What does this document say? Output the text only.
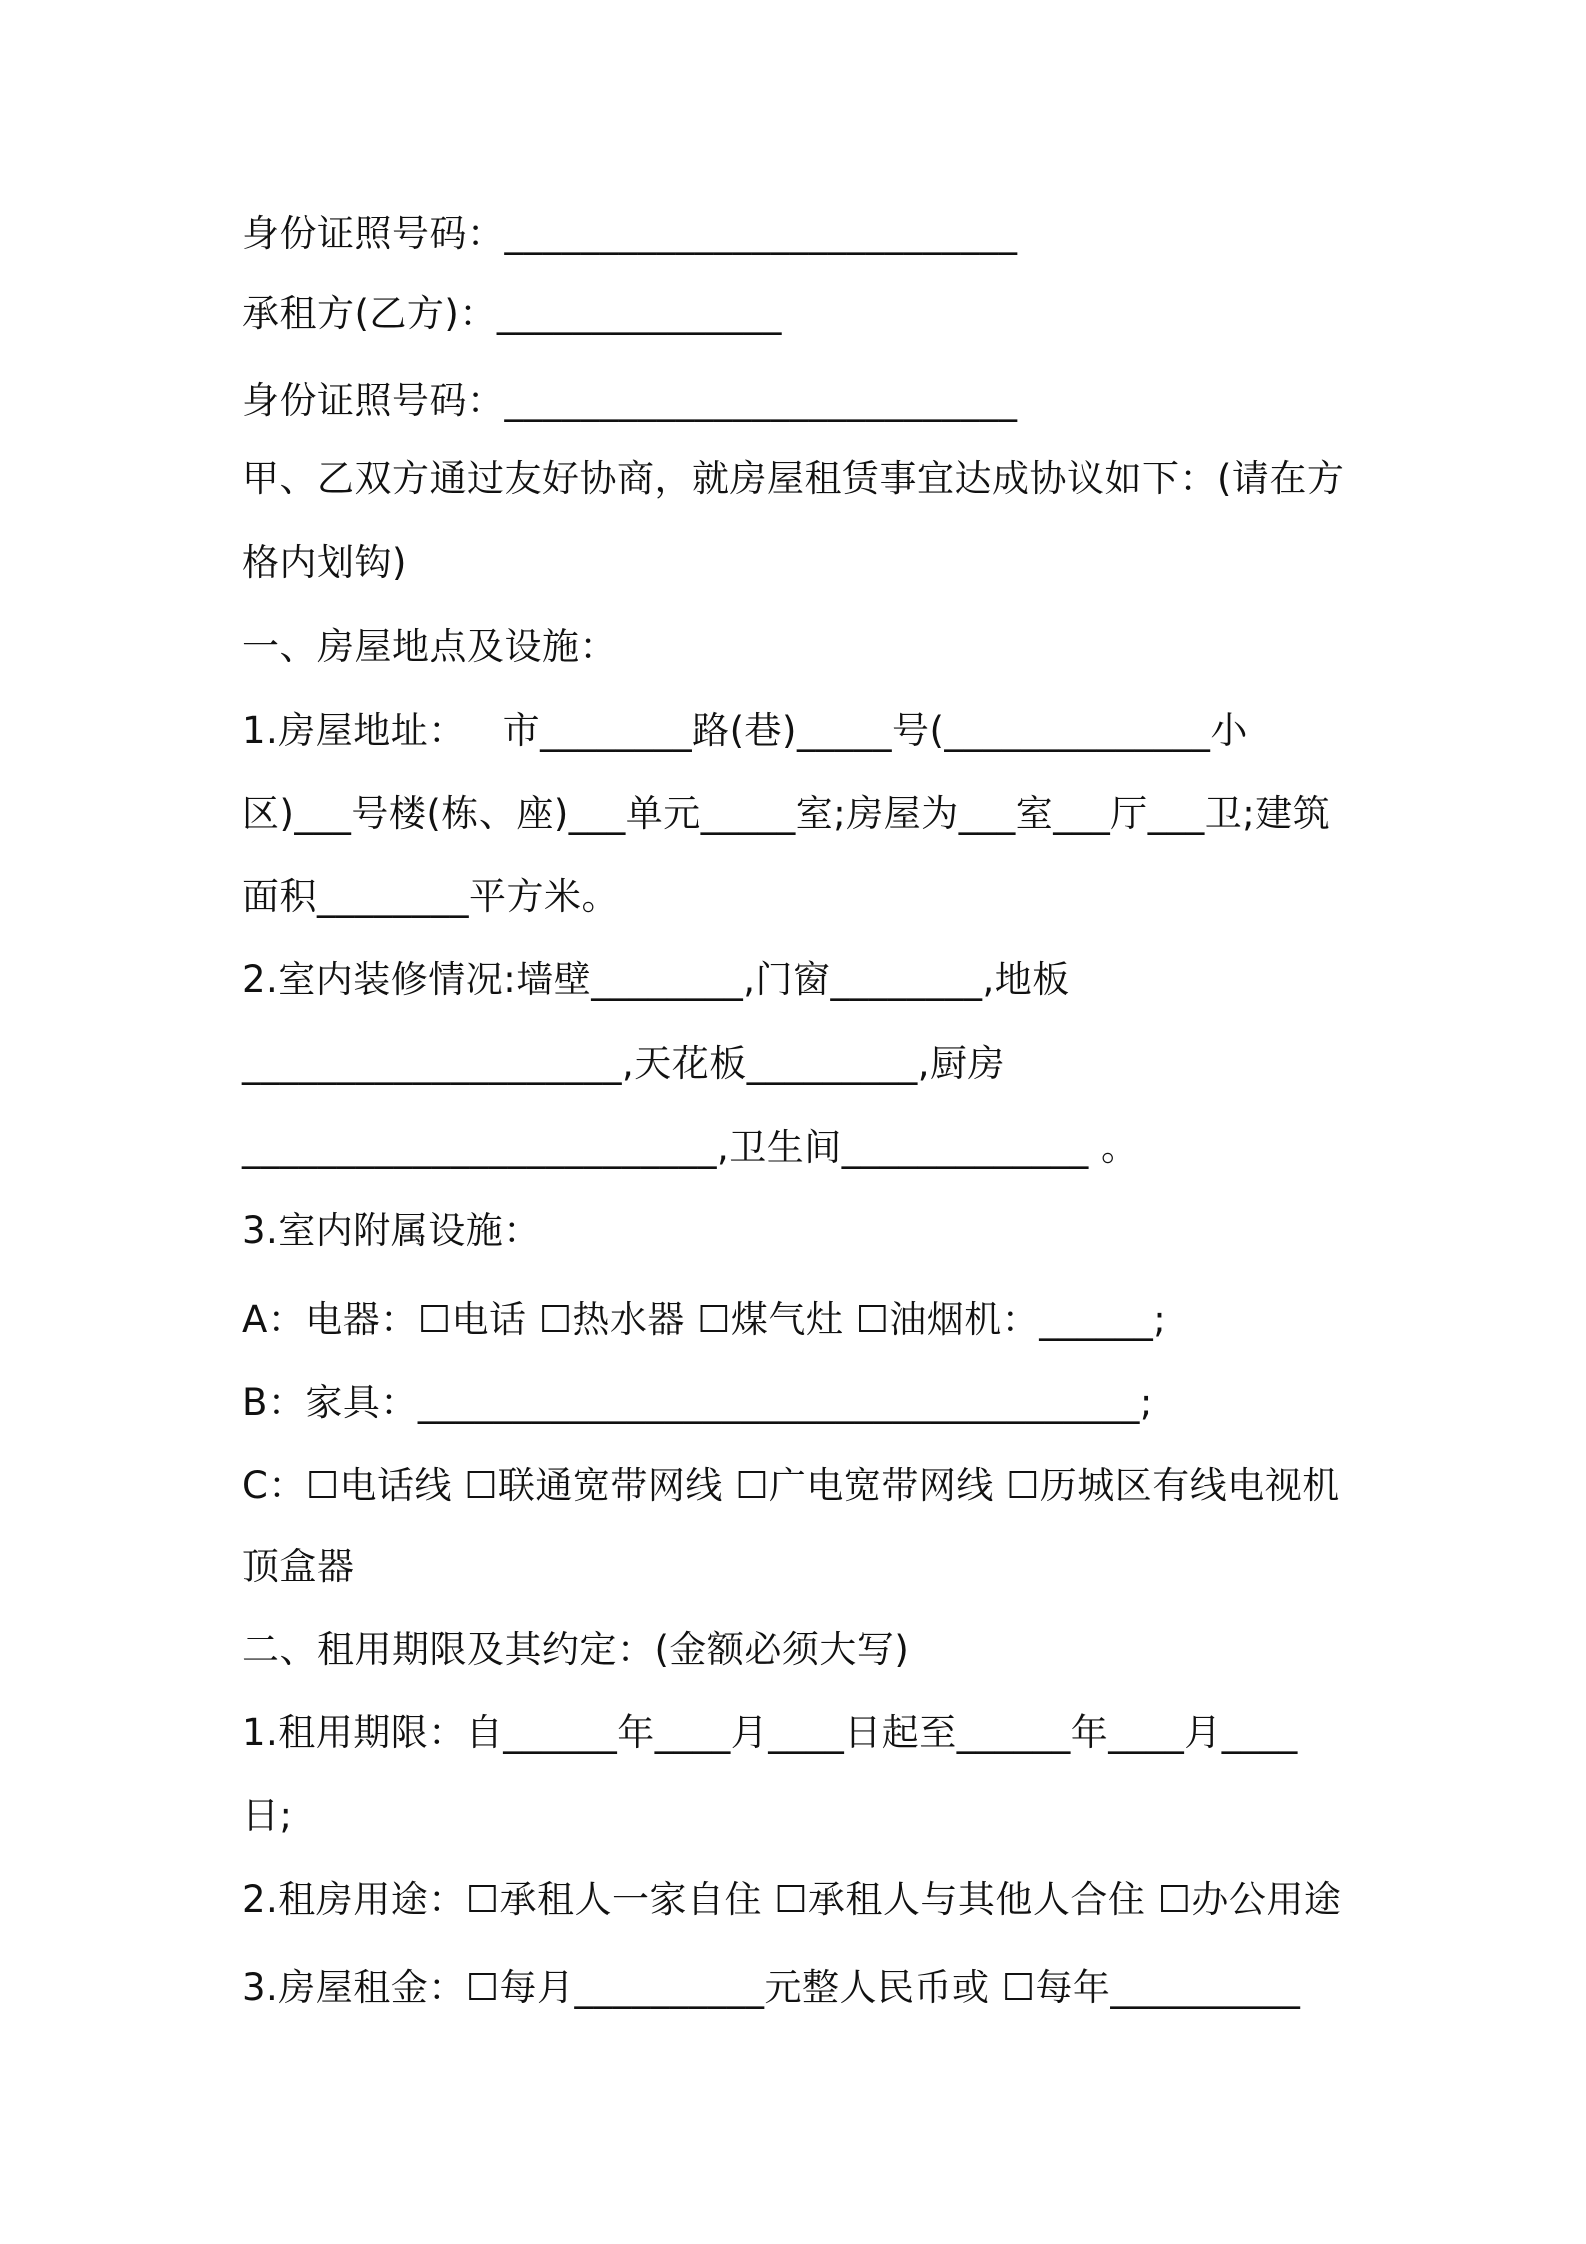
身份证照号码：___________________________
承租方(乙方)：_______________
身份证照号码：___________________________
甲、乙双方通过友好协商，就房屋租赁事宜达成协议如下：(请在方
格内划钩)
一、房屋地点及设施：
1.房屋地址：   市________路(巷)_____号(______________小
区)___号楼(栋、座)___单元_____室;房屋为___室___厅___卫;建筑
面积________平方米。
2.室内装修情况:墙壁________,门窗________,地板
____________________,天花板_________,厨房
_________________________,卫生间_____________ 。
3.室内附属设施：
A：电器：☐电话 ☐热水器 ☐煤气灶 ☐油烟机：______;
B：家具：______________________________________;
C：☐电话线 ☐联通宽带网线 ☐广电宽带网线 ☐历城区有线电视机
顶盒器
二、租用期限及其约定：(金额必须大写)
1.租用期限：自______年____月____日起至______年____月____
日;
2.租房用途：☐承租人一家自住 ☐承租人与其他人合住 ☐办公用途
3.房屋租金：☐每月__________元整人民币或 ☐每年__________
